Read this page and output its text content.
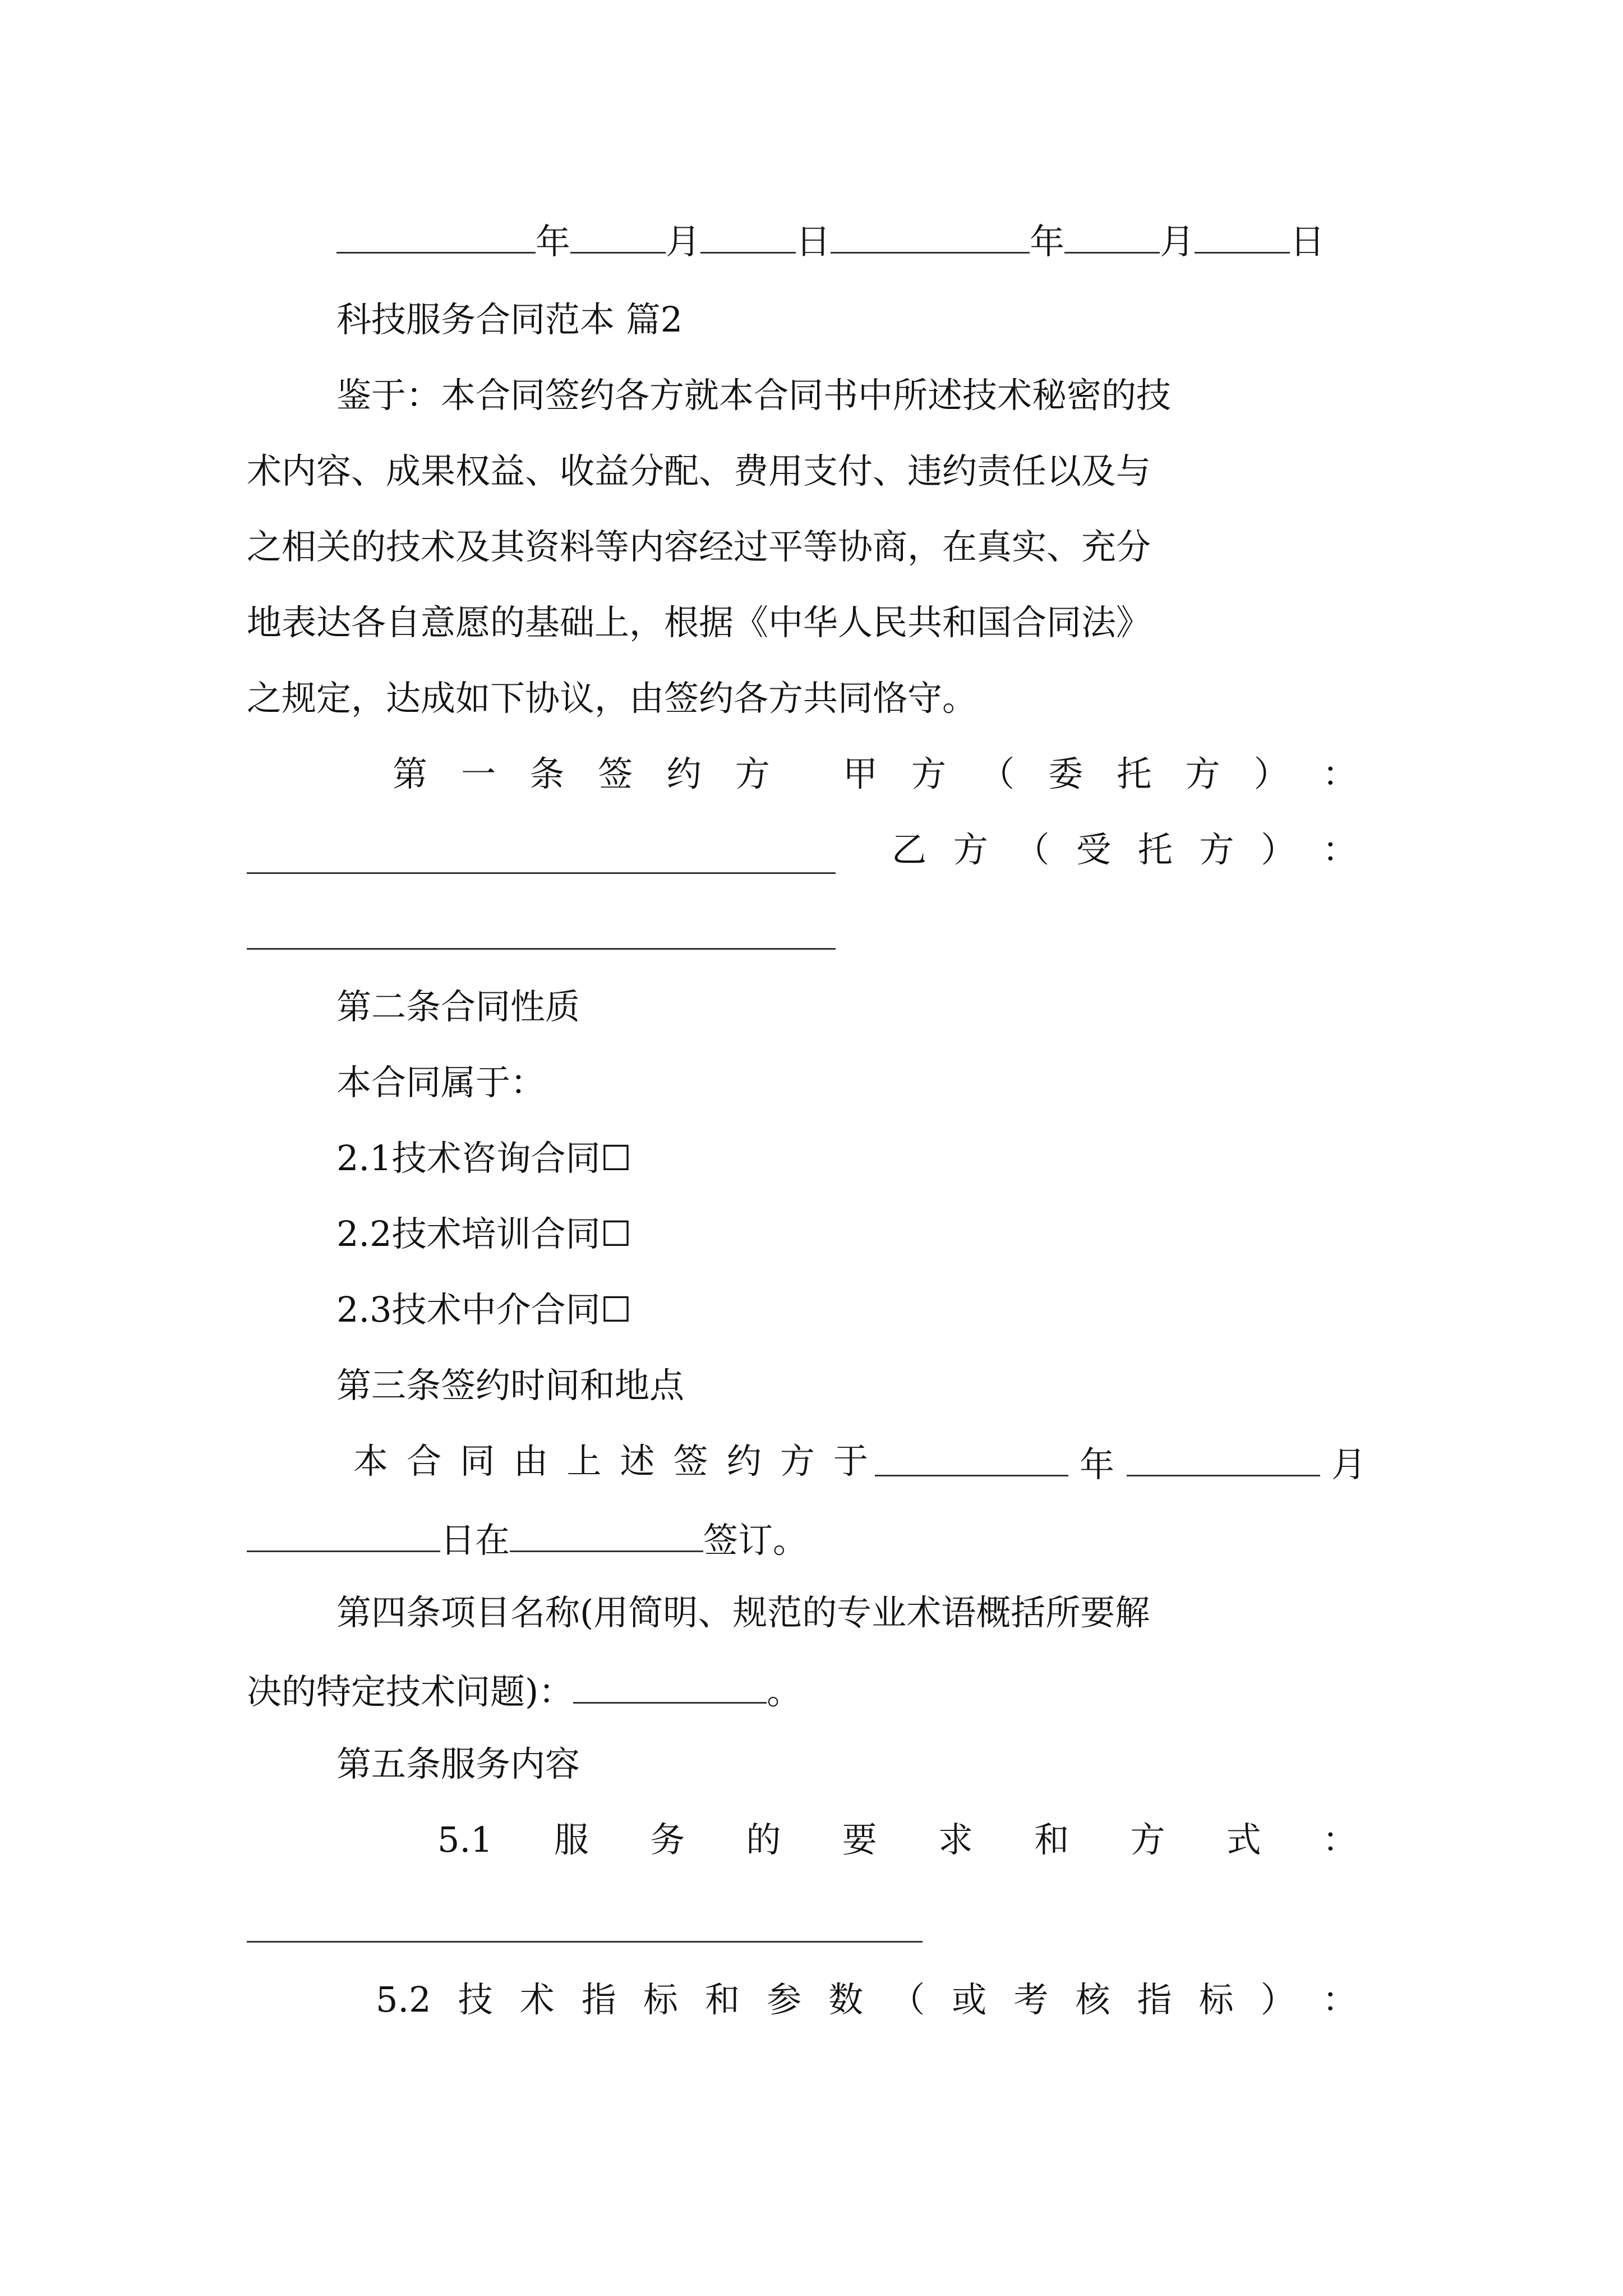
年	月	日	年	月	日
科技服务合同范本 篇2
鉴于：本合同签约各方就本合同书中所述技术秘密的技
术内容、成果权益、收益分配、费用支付、违约责任以及与
之相关的技术及其资料等内容经过平等协商，在真实、充分
地表达各自意愿的基础上，根据《中华人民共和国合同法》
之规定，达成如下协议，由签约各方共同恪守。
第 一 条 签 约 方 甲 方 （ 委 托 方 ） ：
乙 方 （ 受 托 方 ） ：
第二条合同性质
本合同属于：
2.1技术咨询合同☐
2.2技术培训合同☐
2.3技术中介合同☐
第三条签约时间和地点
本 合 同 由 上 述 签 约 方 于	年	月
日在	签订。
第四条项目名称(用简明、规范的专业术语概括所要解
决的特定技术问题)：	。
第五条服务内容
5.1 服 务 的 要 求 和 方 式 ：
5.2 技 术 指 标 和 参 数 （ 或 考 核 指 标 ） ：
